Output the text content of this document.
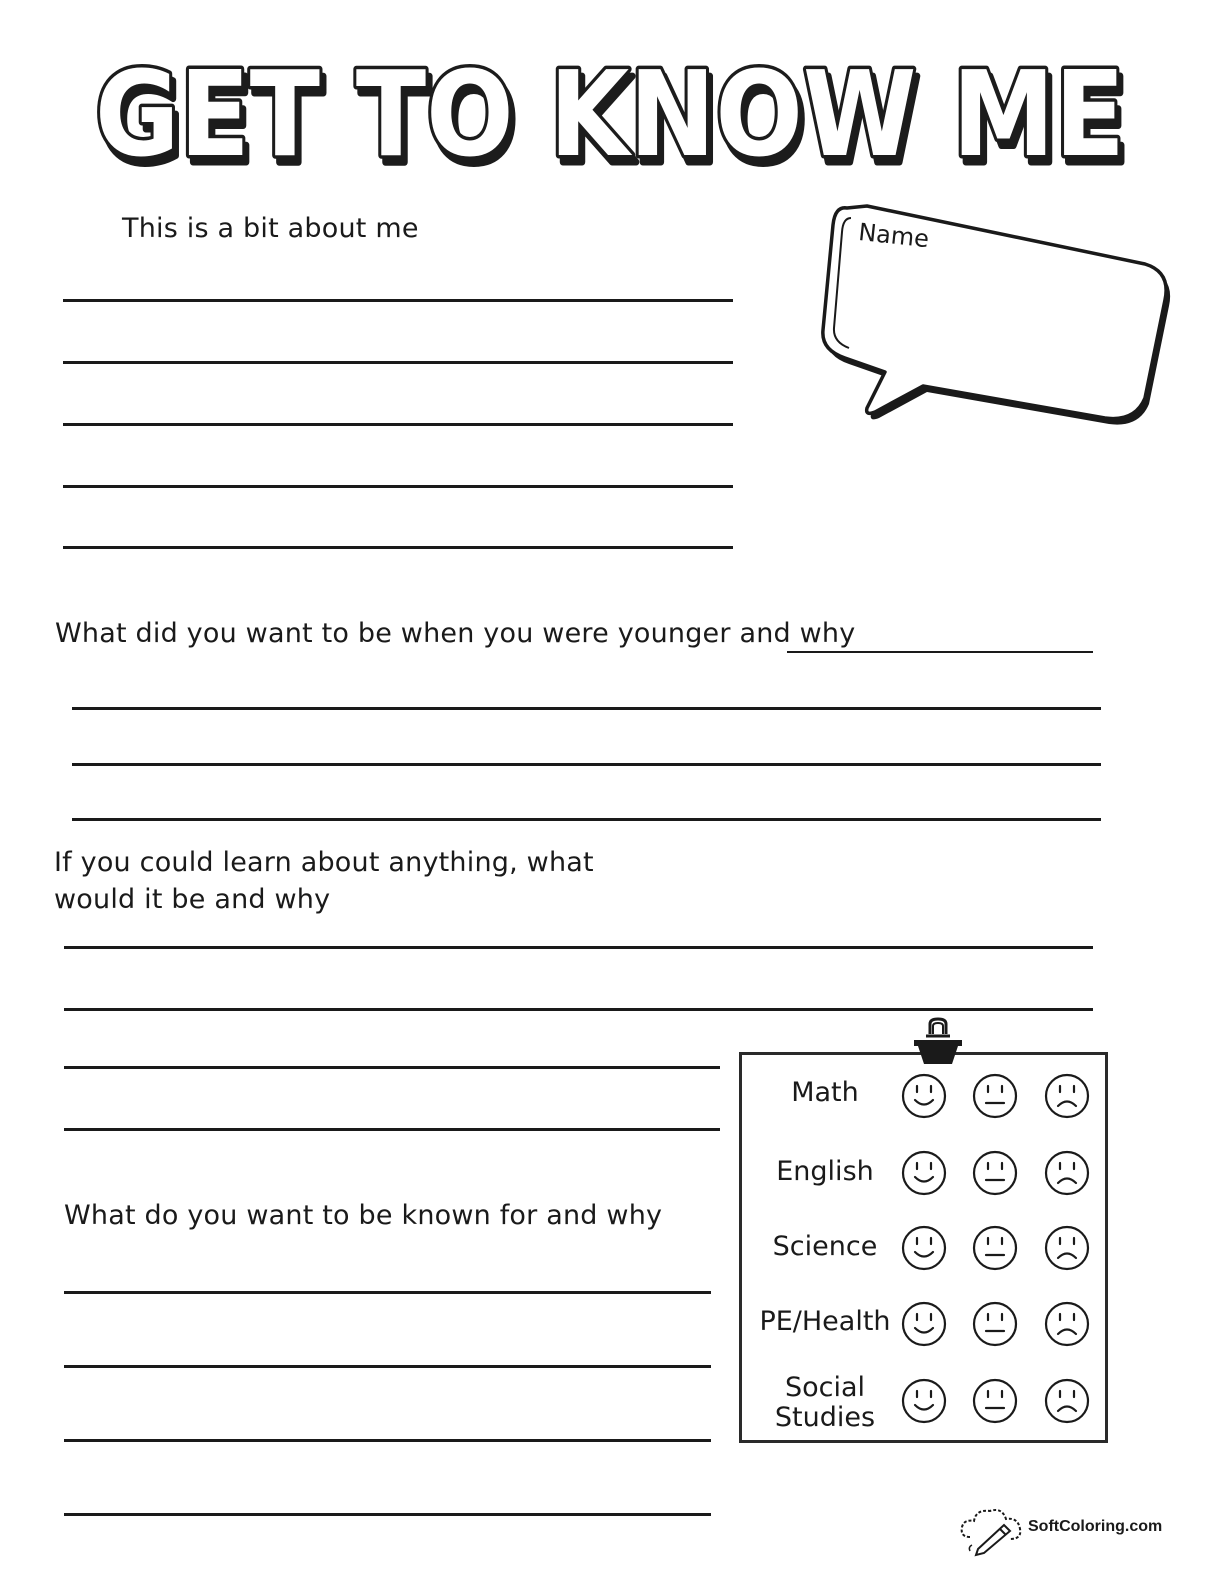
GET TO KNOW ME
This is a bit about me	Name
What did you want to be when you were younger and why
If you could learn about anything, what
would it be and why
What do you want to be known for and why
Math
English
Science
PE/Health
Social
Studies
SoftColoring.com
